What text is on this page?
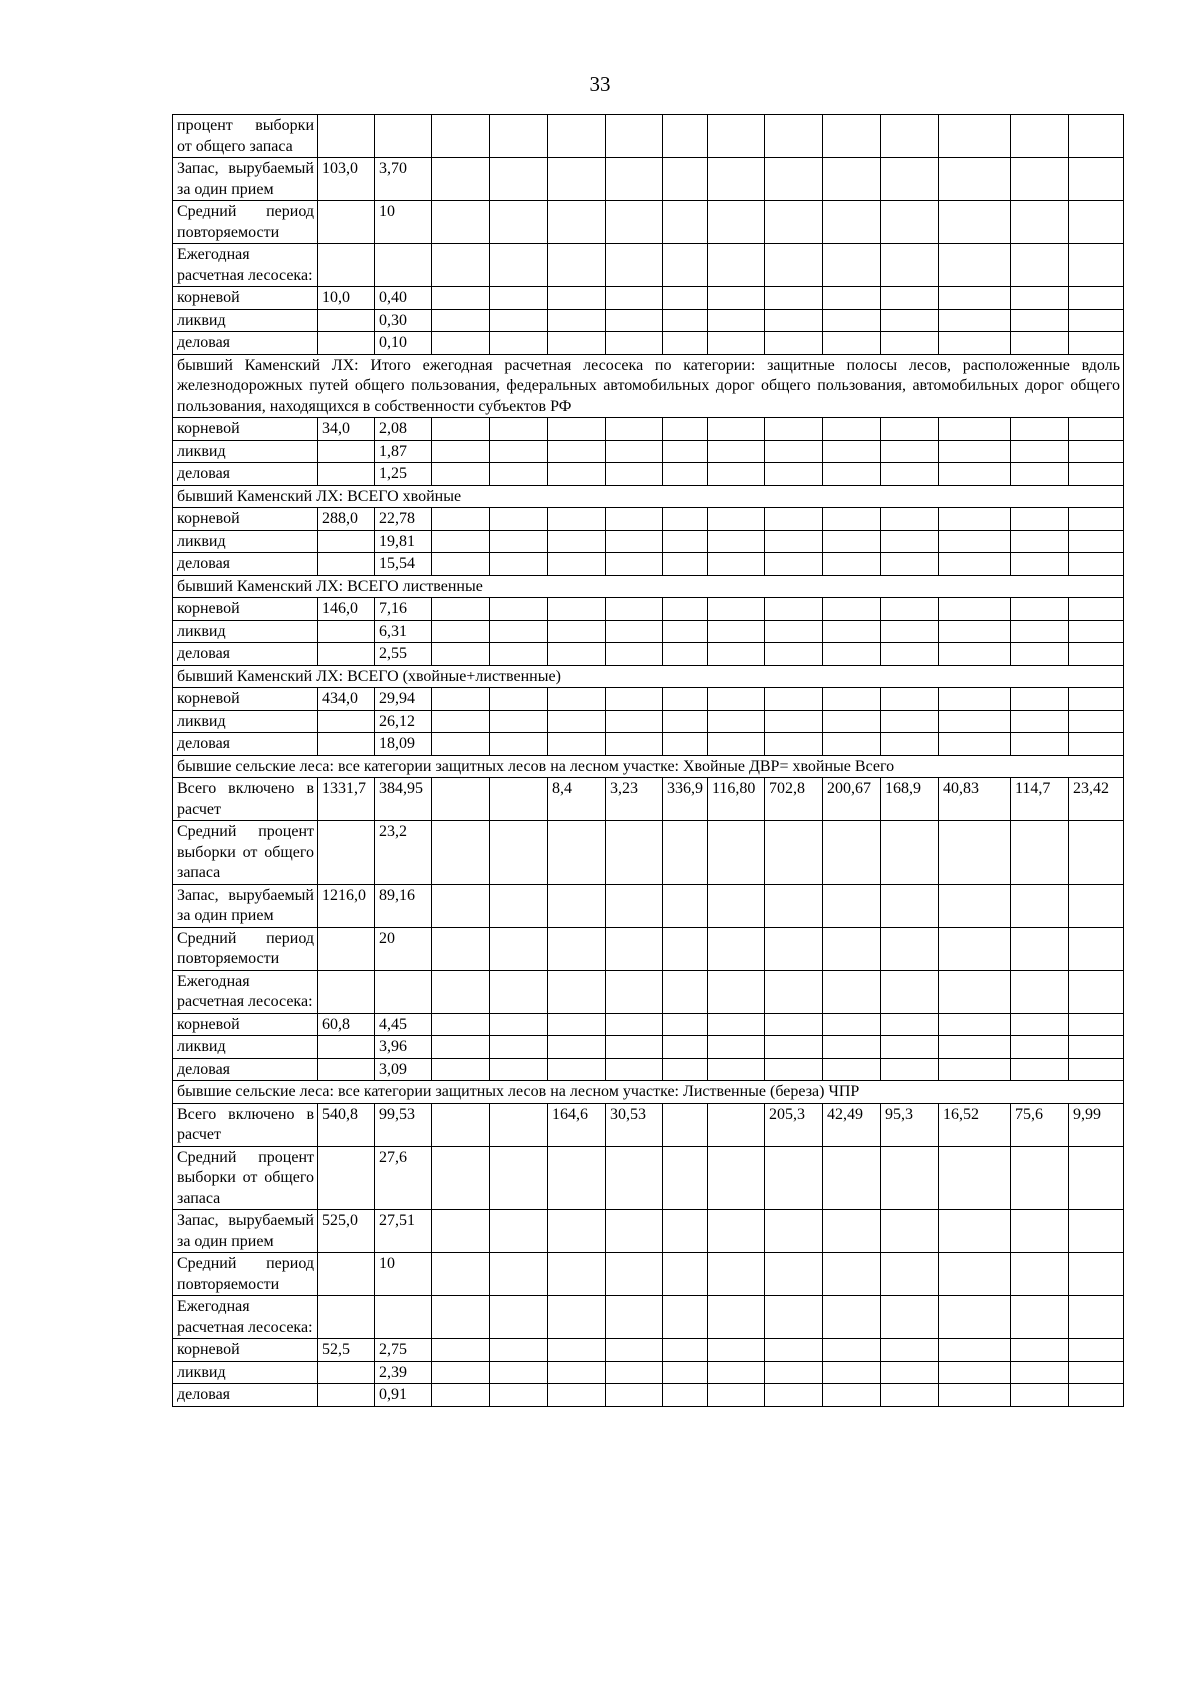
33
процент выборки от общего запаса														
Запас, вырубаемый за один прием	103,0	3,70												
Средний период повторяемости		10												
Ежегодная расчетная лесосека:														
корневой	10,0	0,40												
ликвид		0,30												
деловая		0,10												
бывший Каменский ЛХ: Итого ежегодная расчетная лесосека по категории: защитные полосы лесов, расположенные вдоль железнодорожных путей общего пользования, федеральных автомобильных дорог общего пользования, автомобильных дорог общего пользования, находящихся в собственности субъектов РФ														
корневой	34,0	2,08												
ликвид		1,87												
деловая		1,25												
бывший Каменский ЛХ: ВСЕГО хвойные														
корневой	288,0	22,78												
ликвид		19,81												
деловая		15,54												
бывший Каменский ЛХ: ВСЕГО лиственные														
корневой	146,0	7,16												
ликвид		6,31												
деловая		2,55												
бывший Каменский ЛХ: ВСЕГО (хвойные+лиственные)														
корневой	434,0	29,94												
ликвид		26,12												
деловая		18,09												
бывшие сельские леса: все категории защитных лесов на лесном участке: Хвойные ДВР= хвойные Всего														
Всего включено в расчет	1331,7	384,95			8,4	3,23	336,9	116,80	702,8	200,67	168,9	40,83	114,7	23,42
Средний процент выборки от общего запаса		23,2												
Запас, вырубаемый за один прием	1216,0	89,16												
Средний период повторяемости		20												
Ежегодная расчетная лесосека:														
корневой	60,8	4,45												
ликвид		3,96												
деловая		3,09												
бывшие сельские леса: все категории защитных лесов на лесном участке: Лиственные (береза) ЧПР														
Всего включено в расчет	540,8	99,53			164,6	30,53			205,3	42,49	95,3	16,52	75,6	9,99
Средний процент выборки от общего запаса		27,6												
Запас, вырубаемый за один прием	525,0	27,51												
Средний период повторяемости		10												
Ежегодная расчетная лесосека:														
корневой	52,5	2,75												
ликвид		2,39												
деловая		0,91												
